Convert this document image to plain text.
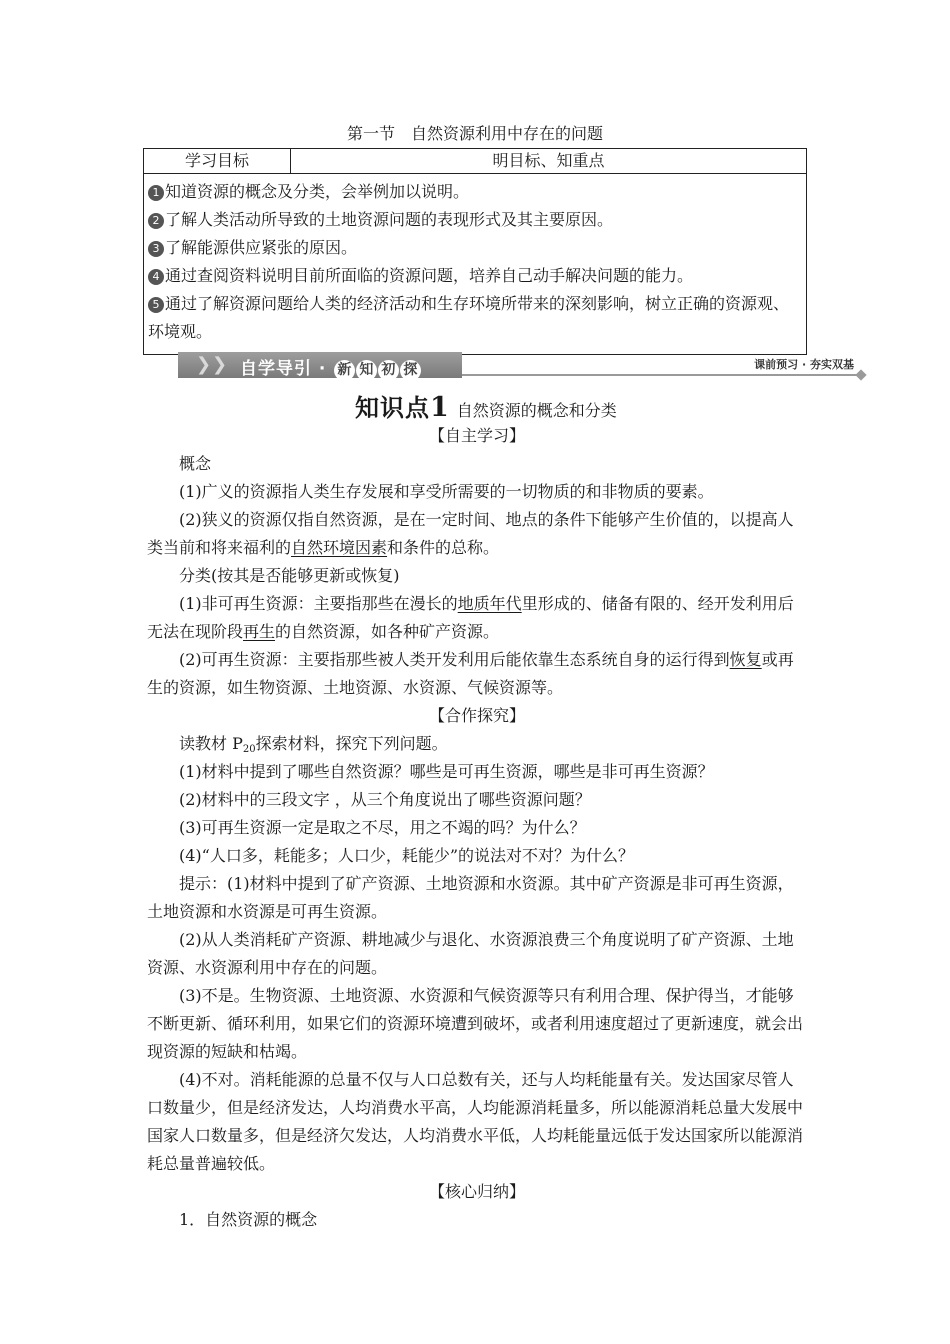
第一节　自然资源利用中存在的问题
学习目标	明目标、知重点

1 知道资源的概念及分类，会举例加以说明。
2 了解人类活动所导致的土地资源问题的表现形式及其主要原因。
3 了解能源供应紧张的原因。
4 通过查阅资料说明目前所面临的资源问题，培养自己动手解决问题的能力。
5 通过了解资源问题给人类的经济活动和生存环境所带来的深刻影响，树立正确的资源观、环境观。
❯ ❯ 自学导引 · 新 知 初 探	课前预习 · 夯实双基
知识点1 自然资源的概念和分类

【自主学习】

概念

(1)广义的资源指人类生存发展和享受所需要的一切物质的和非物质的要素。

(2)狭义的资源仅指自然资源，是在一定时间、地点的条件下能够产生价值的，以提高人类当前和将来福利的自然环境因素和条件的总称。

分类(按其是否能够更新或恢复)

(1)非可再生资源：主要指那些在漫长的地质年代里形成的、储备有限的、经开发利用后无法在现阶段再生的自然资源，如各种矿产资源。

(2)可再生资源：主要指那些被人类开发利用后能依靠生态系统自身的运行得到恢复或再生的资源，如生物资源、土地资源、水资源、气候资源等。

【合作探究】

读教材 $P_{20}$探索材料，探究下列问题。

(1)材料中提到了哪些自然资源？哪些是可再生资源，哪些是非可再生资源？

(2)材料中的三段文字 ，从三个角度说出了哪些资源问题？

(3)可再生资源一定是取之不尽，用之不竭的吗？为什么？

(4)“人口多，耗能多；人口少，耗能少”的说法对不对？为什么？

提示：(1)材料中提到了矿产资源、土地资源和水资源。其中矿产资源是非可再生资源，土地资源和水资源是可再生资源。

(2)从人类消耗矿产资源、耕地减少与退化、水资源浪费三个角度说明了矿产资源、土地资源、水资源利用中存在的问题。

(3)不是。生物资源、土地资源、水资源和气候资源等只有利用合理、保护得当，才能够不断更新、循环利用，如果它们的资源环境遭到破坏，或者利用速度超过了更新速度，就会出现资源的短缺和枯竭。

(4)不对。消耗能源的总量不仅与人口总数有关，还与人均耗能量有关。发达国家尽管人口数量少，但是经济发达，人均消费水平高，人均能源消耗量多，所以能源消耗总量大发展中国家人口数量多，但是经济欠发达，人均消费水平低，人均耗能量远低于发达国家所以能源消耗总量普遍较低。

【核心归纳】

1．自然资源的概念
